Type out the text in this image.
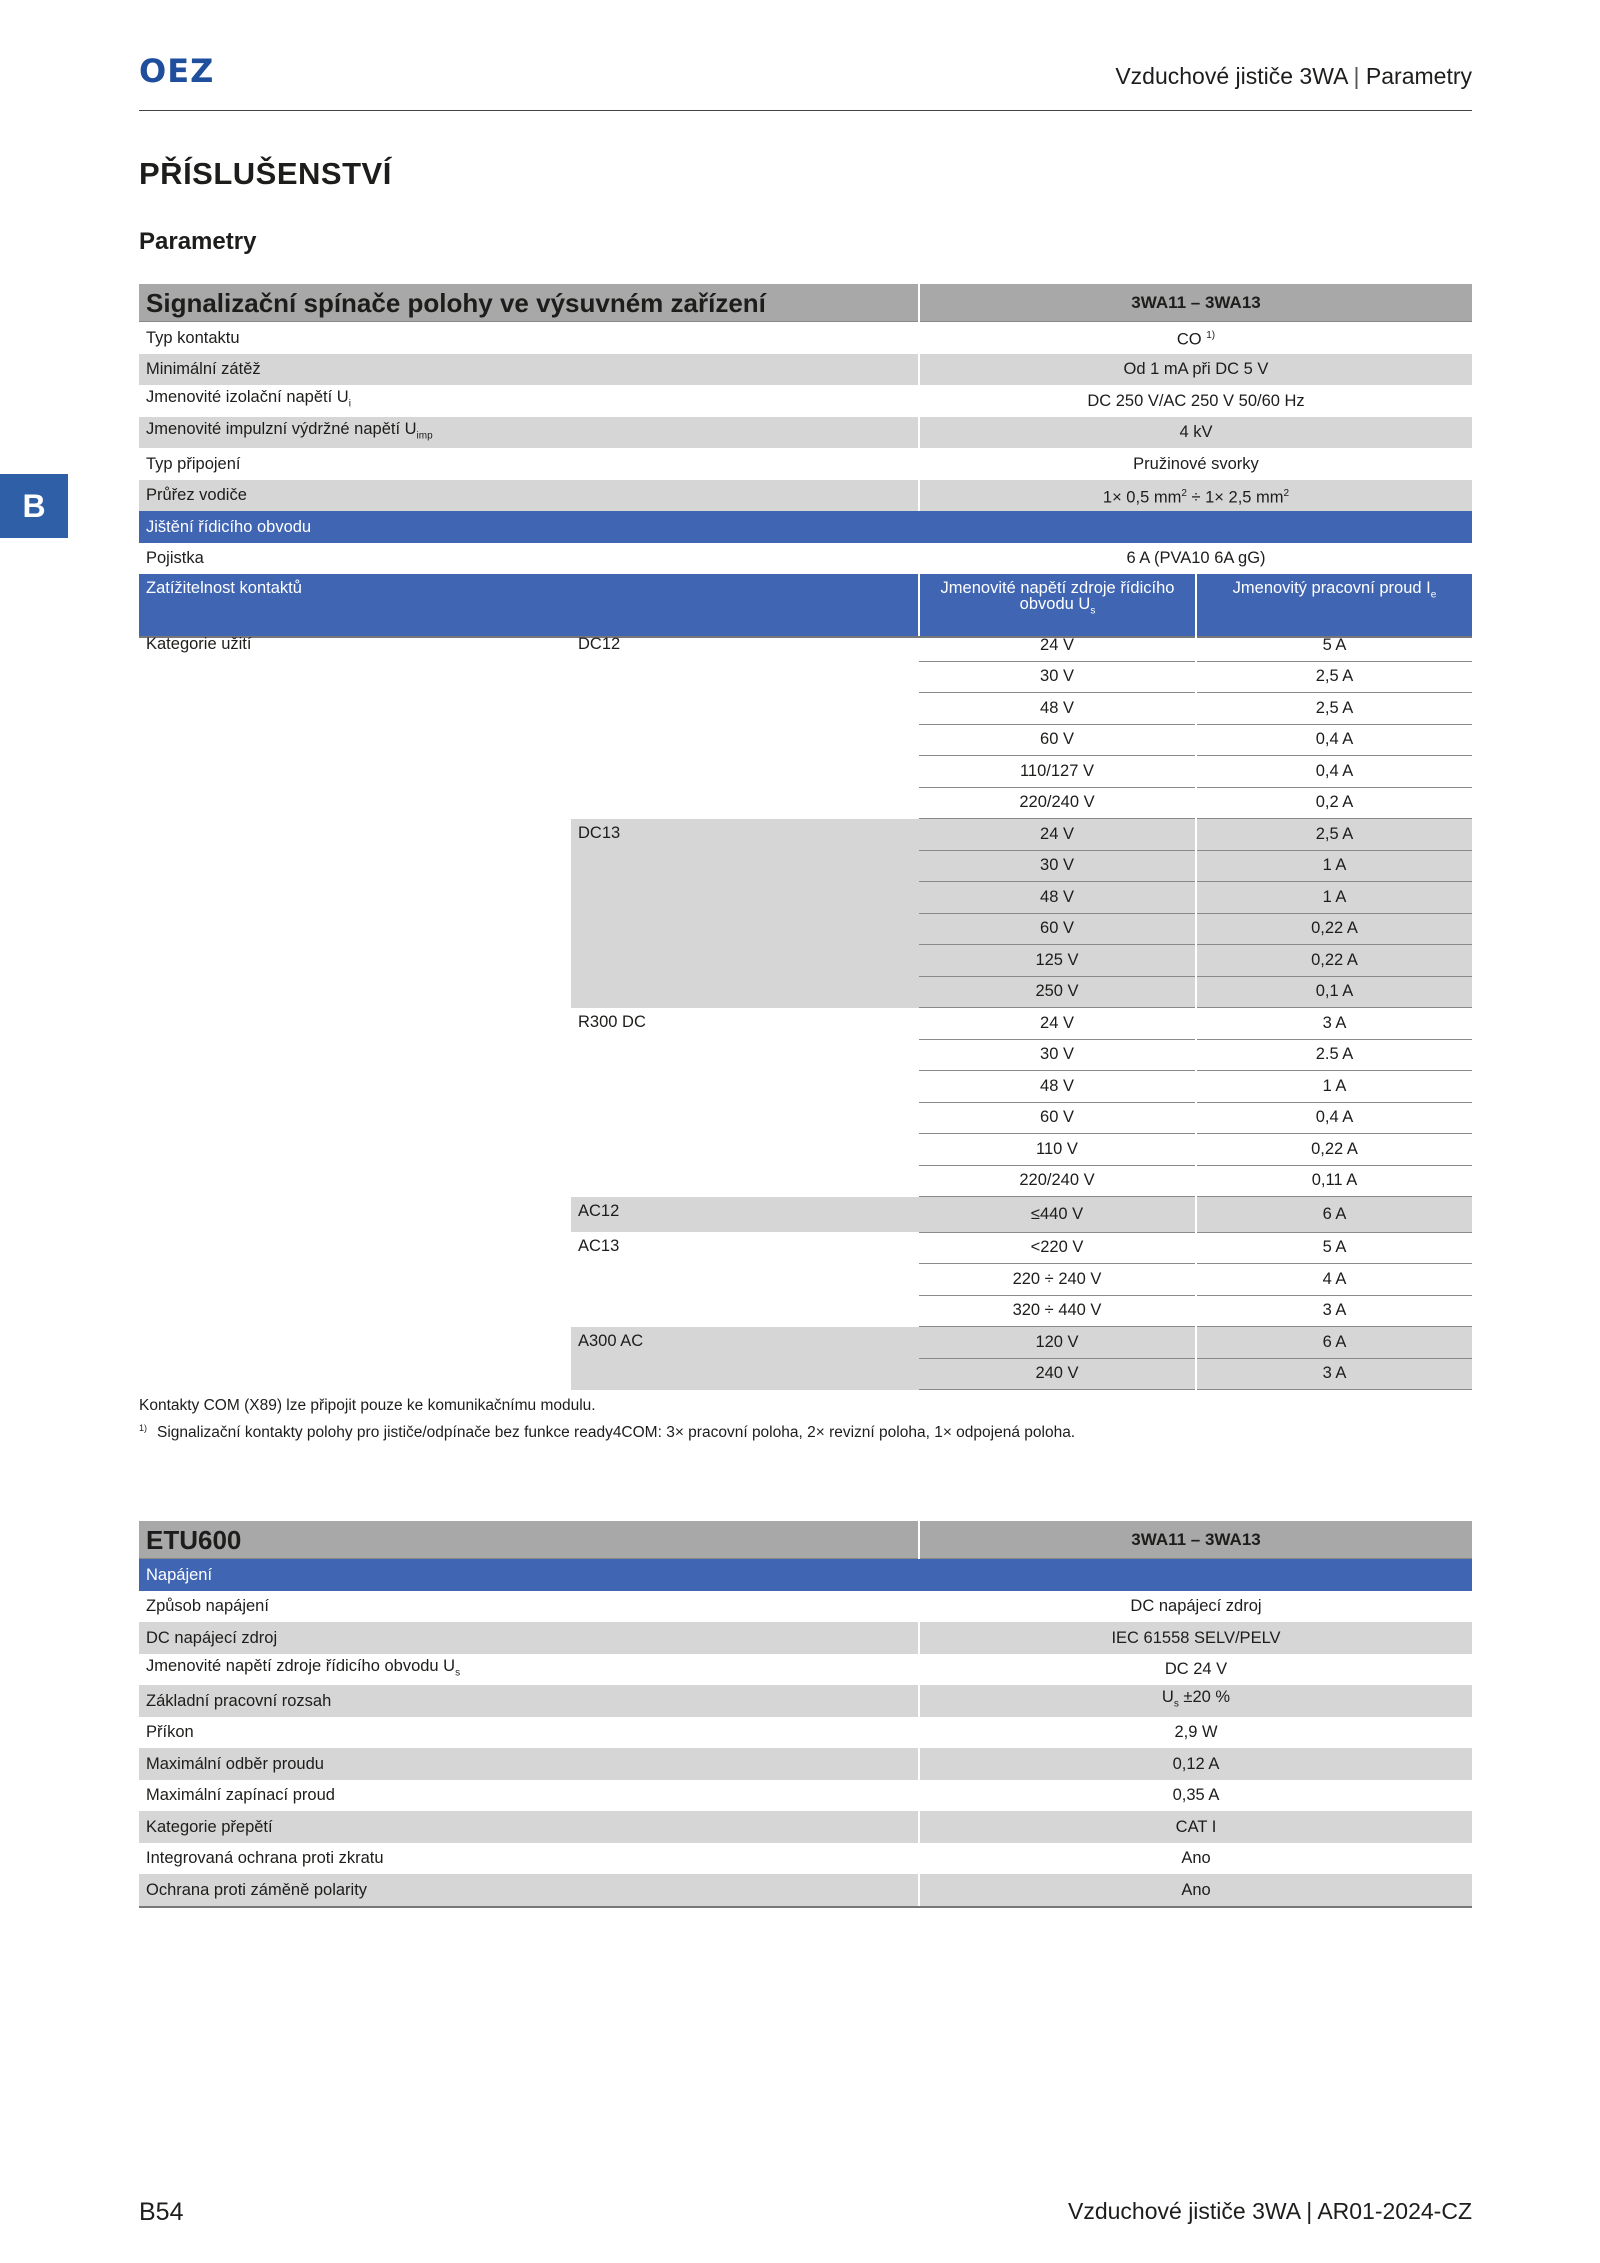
OEZ	Vzduchové jističe 3WA | Parametry
B
PŘÍSLUŠENSTVÍ
Parametry
Signalizační spínače polohy ve výsuvném zařízení	3WA11 – 3WA13	
Typ kontaktu	CO $^{1)}$
Minimální zátěž	Od 1 mA při DC 5 V	
Jmenovité izolační napětí $U_i$	DC 250 V/AC 250 V 50/60 Hz	
Jmenovité impulzní výdržné napětí $U_{imp}$	4 kV	
Typ připojení	Pružinové svorky	
Průřez vodiče	1× 0,5 $mm^2 \div 1\times 2,5$ $mm^2$
Jištění řídicího obvodu		
Pojistka	6 A (PVA10 6A gG)	
Zatížitelnost kontaktů	Jmenovité napětí zdroje řídicího obvodu $U_s$	Jmenovitý pracovní proud $I_e$
Kategorie užití	DC12	24 V	5 A
		30 V	2,5 A
		48 V	2,5 A
		60 V	0,4 A
		110/127 V	0,4 A
		220/240 V	0,2 A
	DC13	24 V	2,5 A
		30 V	1 A
		48 V	1 A
		60 V	0,22 A
		125 V	0,22 A
		250 V	0,1 A
	R300 DC	24 V	3 A
		30 V	2.5 A
		48 V	1 A
		60 V	0,4 A
		110 V	0,22 A
		220/240 V	0,11 A
	AC12	≤440 V	6 A
	AC13	<220 V	5 A
		220 ÷ 240 V	4 A
		320 ÷ 440 V	3 A
	A300 AC	120 V	6 A
		240 V	3 A
Kontakty COM (X89) lze připojit pouze ke komunikačnímu modulu.
$^{1)}$ Signalizační kontakty polohy pro jističe/odpínače bez funkce ready4COM: 3× pracovní poloha, 2× revizní poloha, 1× odpojená poloha.
ETU600	3WA11 – 3WA13
Napájení	
Způsob napájení	DC napájecí zdroj
DC napájecí zdroj	IEC 61558 SELV/PELV
Jmenovité napětí zdroje řídicího obvodu $U_s$	DC 24 V
Základní pracovní rozsah	$U_s \pm 20$ %
Příkon	2,9 W
Maximální odběr proudu	0,12 A
Maximální zapínací proud	0,35 A
Kategorie přepětí	CAT I
Integrovaná ochrana proti zkratu	Ano
Ochrana proti záměně polarity	Ano
B54	Vzduchové jističe 3WA | AR01-2024-CZ
